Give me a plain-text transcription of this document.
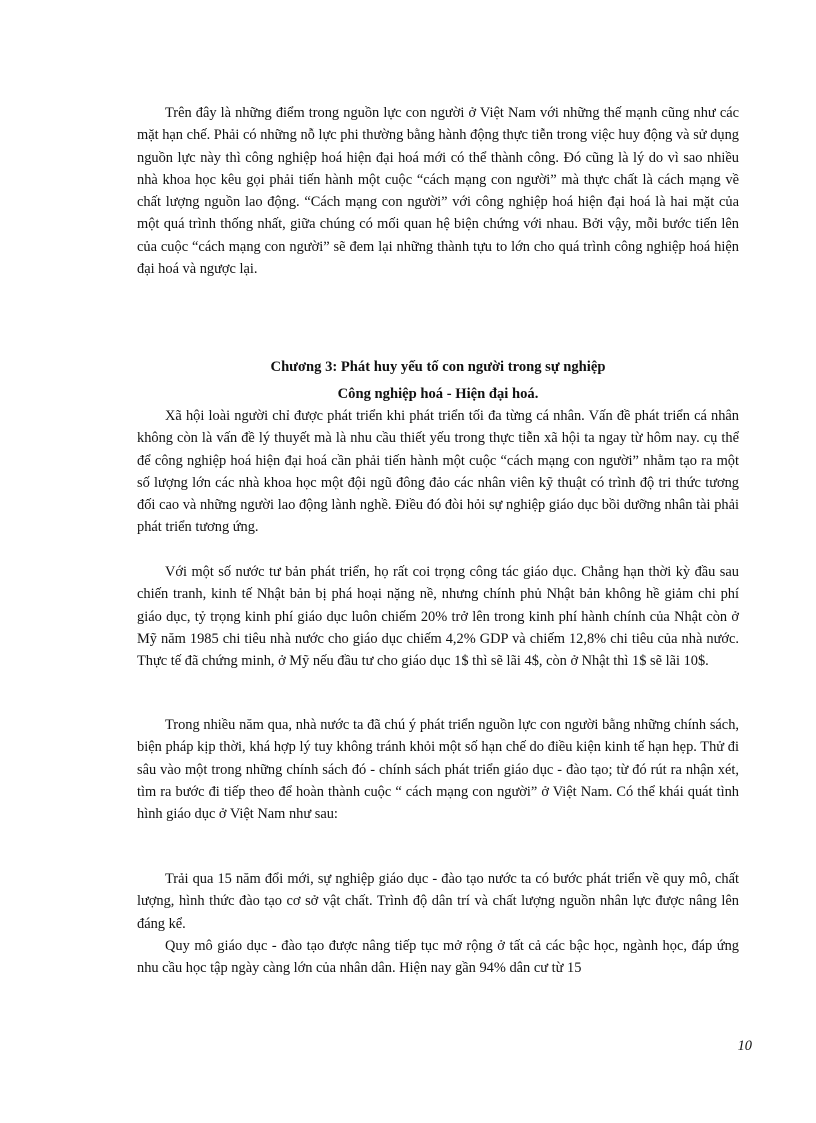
Trên đây là những điểm trong nguồn lực con người ở Việt Nam với những thế mạnh cũng như các mặt hạn chế. Phải có những nỗ lực phi thường bằng hành động thực tiễn trong việc huy động và sử dụng nguồn lực này thì công nghiệp hoá hiện đại hoá mới có thể thành công. Đó cũng là lý do vì sao nhiều nhà khoa học kêu gọi phải tiến hành một cuộc “cách mạng con người” mà thực chất là cách mạng về chất lượng nguồn lao động. “Cách mạng con người” với công nghiệp hoá hiện đại hoá là hai mặt của một quá trình thống nhất, giữa chúng có mối quan hệ biện chứng với nhau. Bởi vậy, mỗi bước tiến lên của cuộc “cách mạng con người” sẽ đem lại những thành tựu to lớn cho quá trình công nghiệp hoá hiện đại hoá và ngược lại.

Chương 3: Phát huy yếu tố con người trong sự nghiệp

Công nghiệp hoá - Hiện đại hoá.

Xã hội loài người chỉ được phát triển khi phát triển tối đa từng cá nhân. Vấn đề phát triển cá nhân không còn là vấn đề lý thuyết mà là nhu cầu thiết yếu trong thực tiễn xã hội ta ngay từ hôm nay. cụ thể để công nghiệp hoá hiện đại hoá cần phải tiến hành một cuộc “cách mạng con người” nhằm tạo ra một số lượng lớn các nhà khoa học một đội ngũ đông đảo các nhân viên kỹ thuật có trình độ tri thức tương đối cao và những người lao động lành nghề. Điều đó đòi hỏi sự nghiệp giáo dục bồi dưỡng nhân tài phải phát triển tương ứng.

Với một số nước tư bản phát triển, họ rất coi trọng công tác giáo dục. Chẳng hạn thời kỳ đầu sau chiến tranh, kinh tế Nhật bản bị phá hoại nặng nề, nhưng chính phủ Nhật bản không hề giảm chi phí giáo dục, tỷ trọng kinh phí giáo dục luôn chiếm 20% trở lên trong kinh phí hành chính của Nhật còn ở Mỹ năm 1985 chi tiêu nhà nước cho giáo dục chiếm 4,2% GDP và chiếm 12,8% chi tiêu của nhà nước. Thực tế đã chứng minh, ở Mỹ nếu đầu tư cho giáo dục 1$ thì sẽ lãi 4$, còn ở Nhật thì 1$ sẽ lãi 10$.

Trong nhiều năm qua, nhà nước ta đã chú ý phát triển nguồn lực con người bằng những chính sách, biện pháp kịp thời, khá hợp lý tuy không tránh khỏi một số hạn chế do điều kiện kinh tế hạn hẹp. Thử đi sâu vào một trong những chính sách đó - chính sách phát triển giáo dục - đào tạo; từ đó rút ra nhận xét, tìm ra bước đi tiếp theo để hoàn thành cuộc “ cách mạng con người” ở Việt Nam. Có thể khái quát tình hình giáo dục ở Việt Nam như sau:

Trải qua 15 năm đổi mới, sự nghiệp giáo dục - đào tạo nước ta có bước phát triển về quy mô, chất lượng, hình thức đào tạo cơ sở vật chất. Trình độ dân trí và chất lượng nguồn nhân lực được nâng lên đáng kể.

Quy mô giáo dục - đào tạo được nâng tiếp tục mở rộng ở tất cả các bậc học, ngành học, đáp ứng nhu cầu học tập ngày càng lớn của nhân dân. Hiện nay gần 94% dân cư từ 15

10
